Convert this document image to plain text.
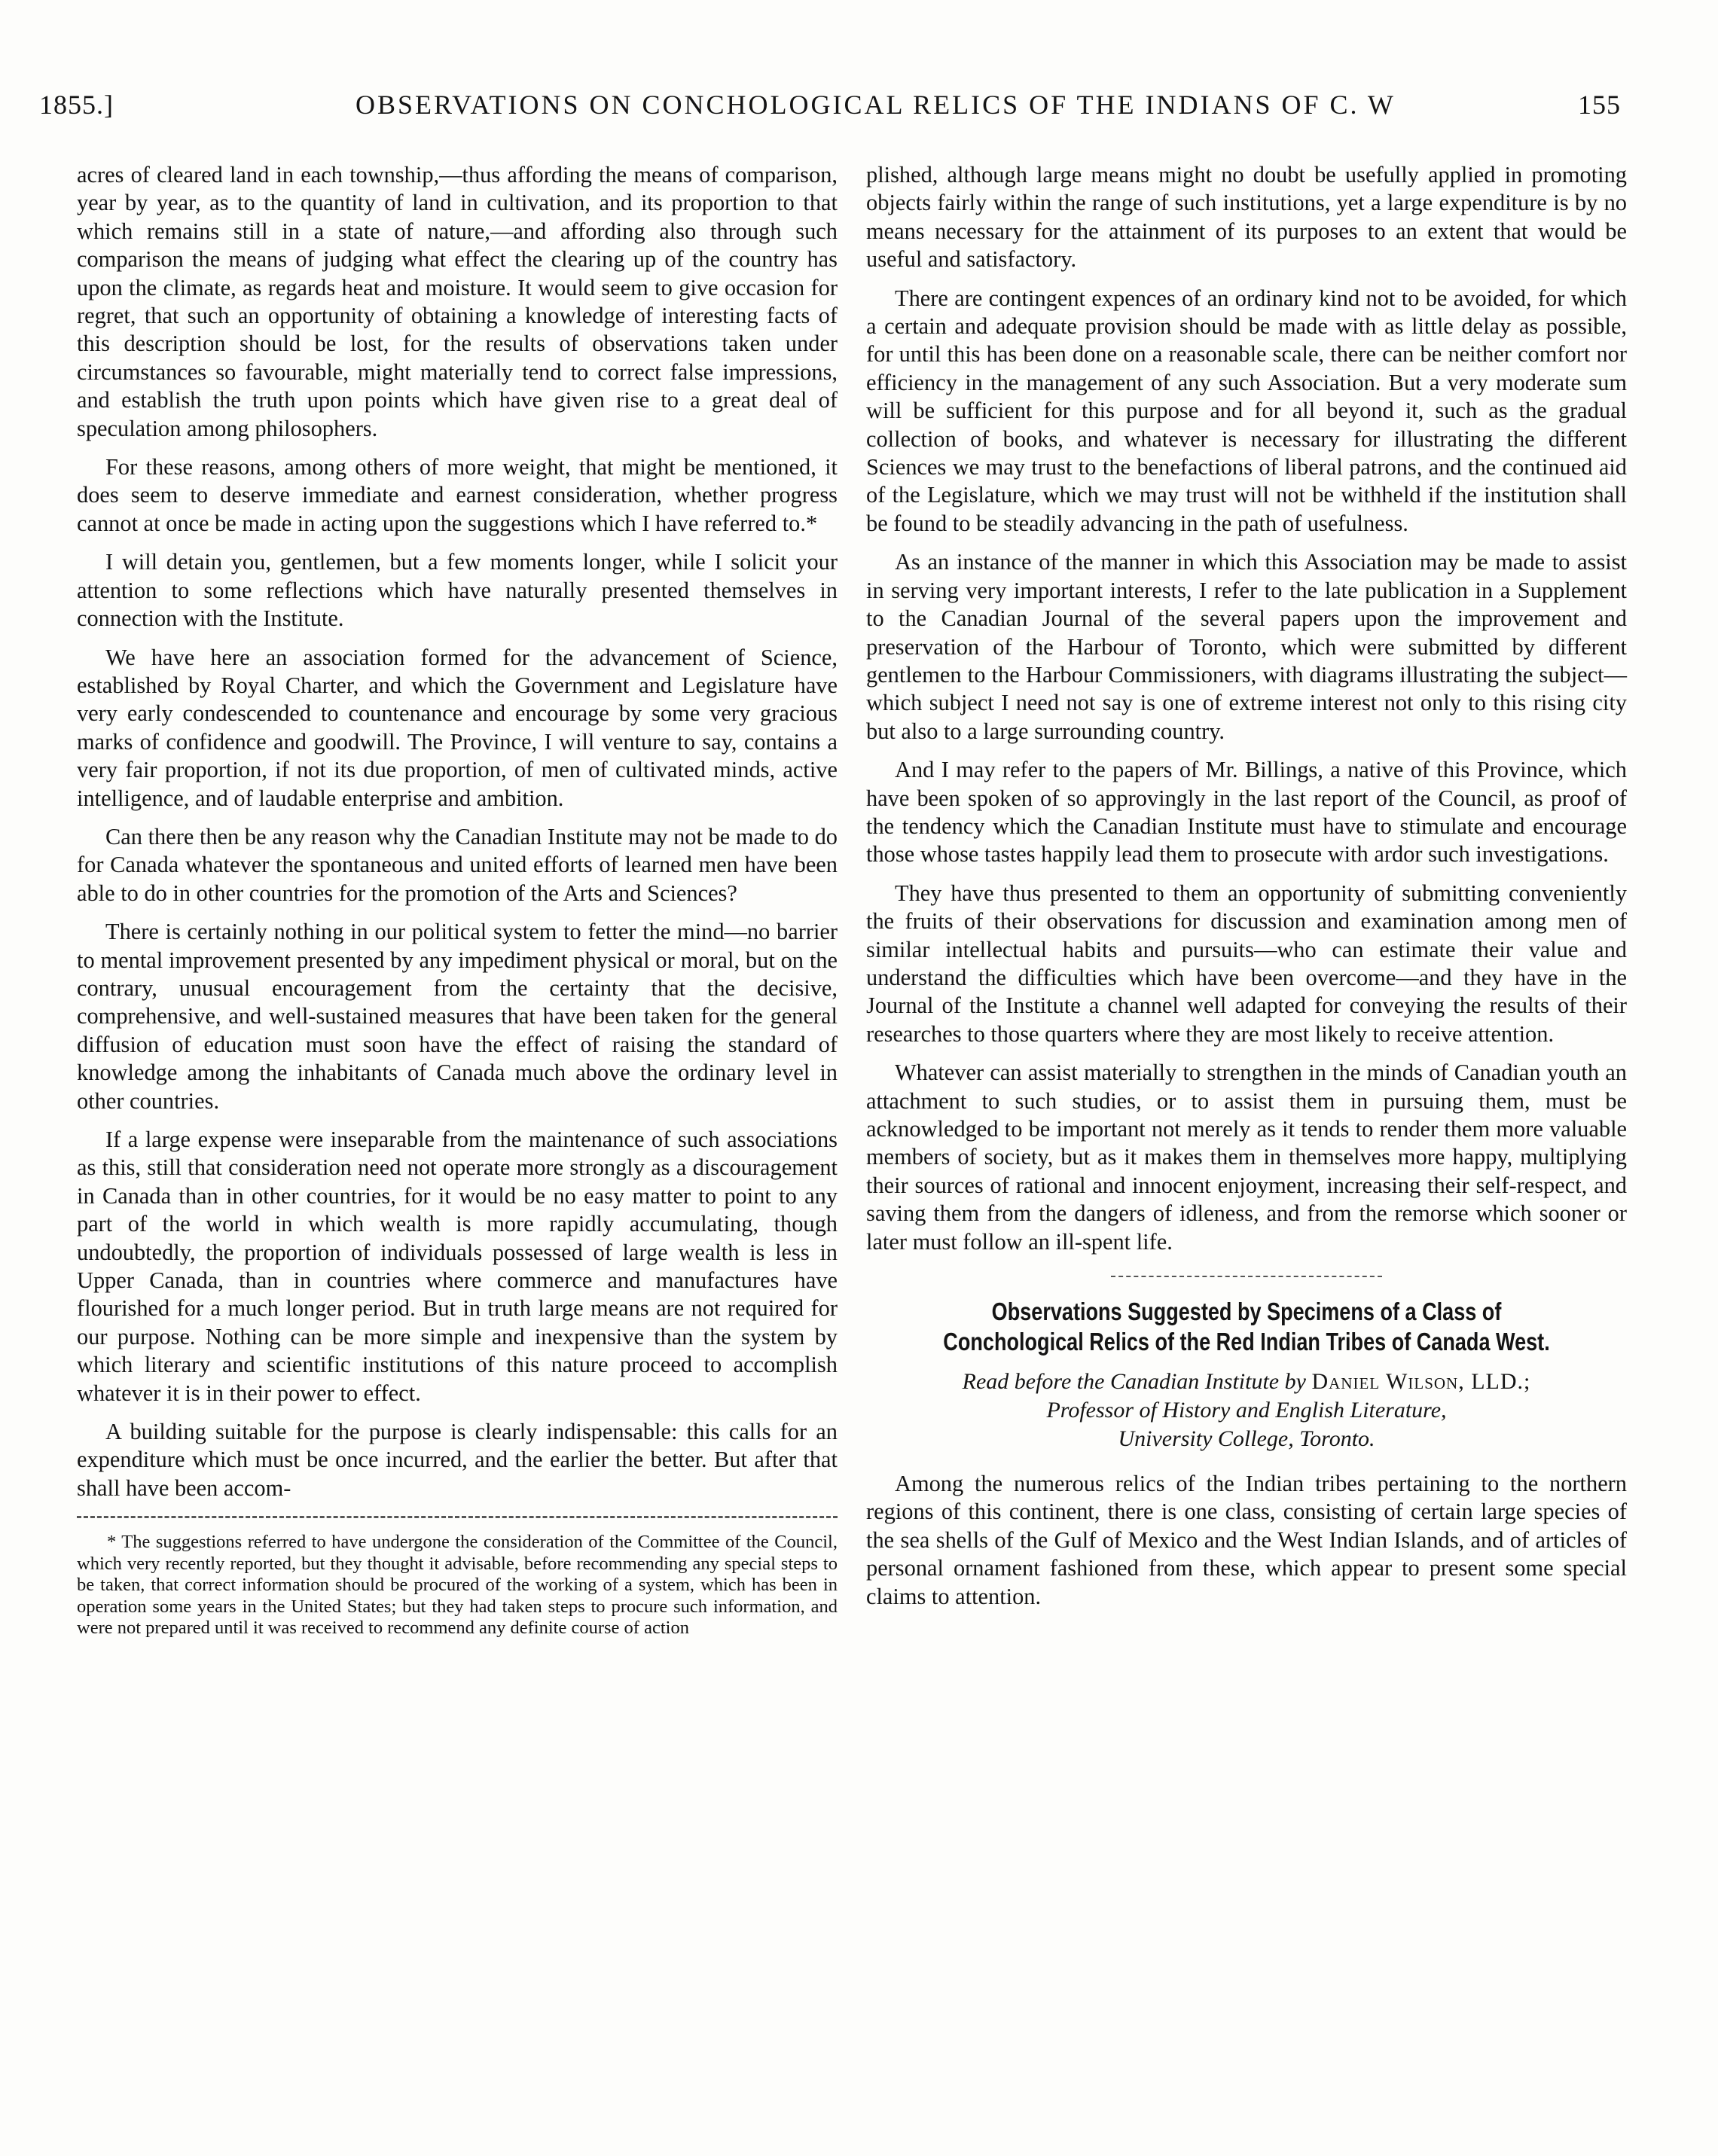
1855.]	OBSERVATIONS ON CONCHOLOGICAL RELICS OF THE INDIANS OF C. W	155

acres of cleared land in each township,—thus affording the means of comparison, year by year, as to the quantity of land in cultivation, and its proportion to that which remains still in a state of nature,—and affording also through such comparison the means of judging what effect the clearing up of the country has upon the climate, as regards heat and moisture. It would seem to give occasion for regret, that such an opportunity of obtaining a knowledge of interesting facts of this description should be lost, for the results of observations taken under circumstances so favourable, might materially tend to correct false impressions, and establish the truth upon points which have given rise to a great deal of speculation among philosophers.

For these reasons, among others of more weight, that might be mentioned, it does seem to deserve immediate and earnest consideration, whether progress cannot at once be made in acting upon the suggestions which I have referred to.*

I will detain you, gentlemen, but a few moments longer, while I solicit your attention to some reflections which have naturally presented themselves in connection with the Institute.

We have here an association formed for the advancement of Science, established by Royal Charter, and which the Government and Legislature have very early condescended to countenance and encourage by some very gracious marks of confidence and goodwill. The Province, I will venture to say, contains a very fair proportion, if not its due proportion, of men of cultivated minds, active intelligence, and of laudable enterprise and ambition.

Can there then be any reason why the Canadian Institute may not be made to do for Canada whatever the spontaneous and united efforts of learned men have been able to do in other countries for the promotion of the Arts and Sciences?

There is certainly nothing in our political system to fetter the mind—no barrier to mental improvement presented by any impediment physical or moral, but on the contrary, unusual encouragement from the certainty that the decisive, comprehensive, and well-sustained measures that have been taken for the general diffusion of education must soon have the effect of raising the standard of knowledge among the inhabitants of Canada much above the ordinary level in other countries.

If a large expense were inseparable from the maintenance of such associations as this, still that consideration need not operate more strongly as a discouragement in Canada than in other countries, for it would be no easy matter to point to any part of the world in which wealth is more rapidly accumulating, though undoubtedly, the proportion of individuals possessed of large wealth is less in Upper Canada, than in countries where commerce and manufactures have flourished for a much longer period. But in truth large means are not required for our purpose. Nothing can be more simple and inexpensive than the system by which literary and scientific institutions of this nature proceed to accomplish whatever it is in their power to effect.

A building suitable for the purpose is clearly indispensable: this calls for an expenditure which must be once incurred, and the earlier the better. But after that shall have been accom-

* The suggestions referred to have undergone the consideration of the Committee of the Council, which very recently reported, but they thought it advisable, before recommending any special steps to be taken, that correct information should be procured of the working of a system, which has been in operation some years in the United States; but they had taken steps to procure such information, and were not prepared until it was received to recommend any definite course of action

plished, although large means might no doubt be usefully applied in promoting objects fairly within the range of such institutions, yet a large expenditure is by no means necessary for the attainment of its purposes to an extent that would be useful and satisfactory.

There are contingent expences of an ordinary kind not to be avoided, for which a certain and adequate provision should be made with as little delay as possible, for until this has been done on a reasonable scale, there can be neither comfort nor efficiency in the management of any such Association. But a very moderate sum will be sufficient for this purpose and for all beyond it, such as the gradual collection of books, and whatever is necessary for illustrating the different Sciences we may trust to the benefactions of liberal patrons, and the continued aid of the Legislature, which we may trust will not be withheld if the institution shall be found to be steadily advancing in the path of usefulness.

As an instance of the manner in which this Association may be made to assist in serving very important interests, I refer to the late publication in a Supplement to the Canadian Journal of the several papers upon the improvement and preservation of the Harbour of Toronto, which were submitted by different gentlemen to the Harbour Commissioners, with diagrams illustrating the subject—which subject I need not say is one of extreme interest not only to this rising city but also to a large surrounding country.

And I may refer to the papers of Mr. Billings, a native of this Province, which have been spoken of so approvingly in the last report of the Council, as proof of the tendency which the Canadian Institute must have to stimulate and encourage those whose tastes happily lead them to prosecute with ardor such investigations.

They have thus presented to them an opportunity of submitting conveniently the fruits of their observations for discussion and examination among men of similar intellectual habits and pursuits—who can estimate their value and understand the difficulties which have been overcome—and they have in the Journal of the Institute a channel well adapted for conveying the results of their researches to those quarters where they are most likely to receive attention.

Whatever can assist materially to strengthen in the minds of Canadian youth an attachment to such studies, or to assist them in pursuing them, must be acknowledged to be important not merely as it tends to render them more valuable members of society, but as it makes them in themselves more happy, multiplying their sources of rational and innocent enjoyment, increasing their self-respect, and saving them from the dangers of idleness, and from the remorse which sooner or later must follow an ill-spent life.

Observations Suggested by Specimens of a Class of Conchological Relics of the Red Indian Tribes of Canada West.
Read before the Canadian Institute by Daniel Wilson, LLD.;
Professor of History and English Literature,
University College, Toronto.

Among the numerous relics of the Indian tribes pertaining to the northern regions of this continent, there is one class, consisting of certain large species of the sea shells of the Gulf of Mexico and the West Indian Islands, and of articles of personal ornament fashioned from these, which appear to present some special claims to attention.
